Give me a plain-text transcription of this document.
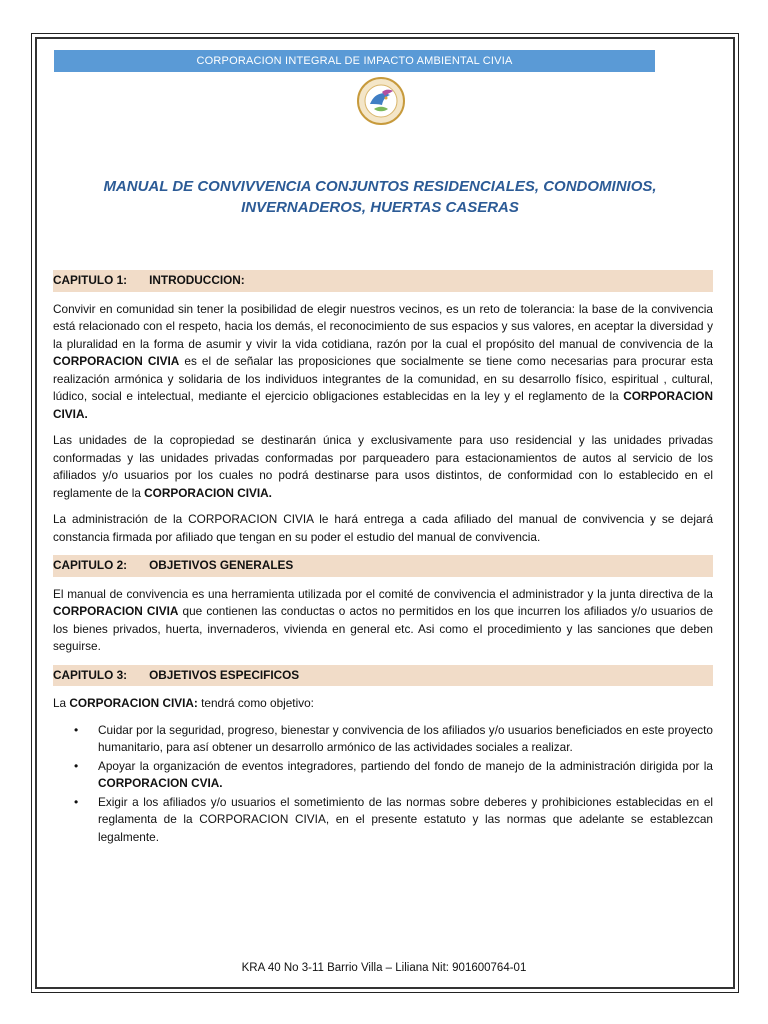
CORPORACION INTEGRAL DE IMPACTO AMBIENTAL CIVIA
MANUAL DE CONVIVVENCIA CONJUNTOS RESIDENCIALES, CONDOMINIOS,
INVERNADEROS, HUERTAS CASERAS
CAPITULO 1: INTRODUCCION:

Convivir en comunidad sin tener la posibilidad de elegir nuestros vecinos, es un reto de tolerancia: la base de la convivencia está relacionado con el respeto, hacia los demás, el reconocimiento de sus espacios y sus valores, en aceptar la diversidad y la pluralidad en la forma de asumir y vivir la vida cotidiana, razón por la cual el propósito del manual de convivencia de la CORPORACION CIVIA es el de señalar las proposiciones que socialmente se tiene como necesarias para procurar esta realización armónica y solidaria de los individuos integrantes de la comunidad, en su desarrollo físico, espiritual , cultural, lúdico, social e intelectual, mediante el ejercicio obligaciones establecidas en la ley y el reglamento de la CORPORACION CIVIA.

Las unidades de la copropiedad se destinarán única y exclusivamente para uso residencial y las unidades privadas conformadas y las unidades privadas conformadas por parqueadero para estacionamientos de autos al servicio de los afiliados y/o usuarios por los cuales no podrá destinarse para usos distintos, de conformidad con lo establecido en el reglamente de la CORPORACION CIVIA.

La administración de la CORPORACION CIVIA le hará entrega a cada afiliado del manual de convivencia y se dejará constancia firmada por afiliado que tengan en su poder el estudio del manual de convivencia.

CAPITULO 2: OBJETIVOS GENERALES

El manual de convivencia es una herramienta utilizada por el comité de convivencia el administrador y la junta directiva de la CORPORACION CIVIA que contienen las conductas o actos no permitidos en los que incurren los afiliados y/o usuarios de los bienes privados, huerta, invernaderos, vivienda en general etc. Asi como el procedimiento y las sanciones que deben seguirse.

CAPITULO 3: OBJETIVOS ESPECIFICOS

La CORPORACION CIVIA: tendrá como objetivo:

• Cuidar por la seguridad, progreso, bienestar y convivencia de los afiliados y/o usuarios beneficiados en este proyecto humanitario, para así obtener un desarrollo armónico de las actividades sociales a realizar.
• Apoyar la organización de eventos integradores, partiendo del fondo de manejo de la administración dirigida por la CORPORACION CVIA.
• Exigir a los afiliados y/o usuarios el sometimiento de las normas sobre deberes y prohibiciones establecidas en el reglamenta de la CORPORACION CIVIA, en el presente estatuto y las normas que adelante se establezcan legalmente.
KRA 40 No 3-11 Barrio Villa – Liliana Nit: 901600764-01
